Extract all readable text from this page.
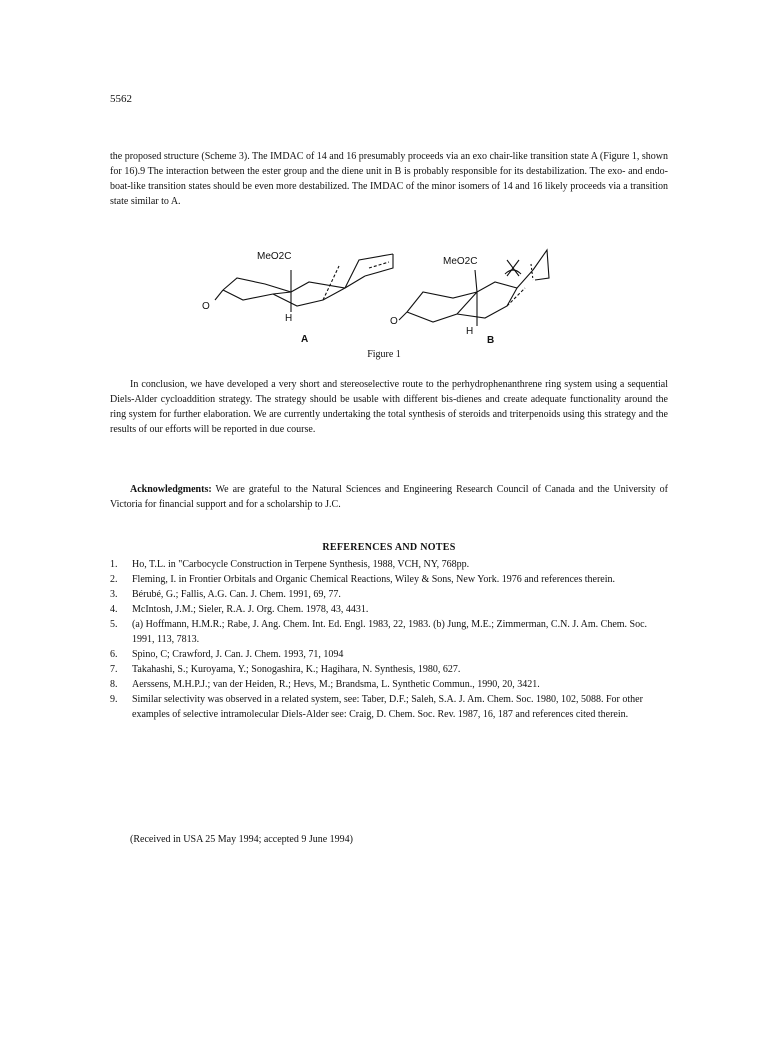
5562

the proposed structure (Scheme 3). The IMDAC of 14 and 16 presumably proceeds via an exo chair-like transition state A (Figure 1, shown for 16).9 The interaction between the ester group and the diene unit in B is probably responsible for its destabilization. The exo- and endo-boat-like transition states should be even more destabilized. The IMDAC of the minor isomers of 14 and 16 likely proceeds via a transition state similar to A.

MeO2C
O
H
A
MeO2C
O
H
B
Figure 1

In conclusion, we have developed a very short and stereoselective route to the perhydrophenanthrene ring system using a sequential Diels-Alder cycloaddition strategy. The strategy should be usable with different bis-dienes and create adequate functionality around the ring system for further elaboration. We are currently undertaking the total synthesis of steroids and triterpenoids using this strategy and the results of our efforts will be reported in due course.

Acknowledgments: We are grateful to the Natural Sciences and Engineering Research Council of Canada and the University of Victoria for financial support and for a scholarship to J.C.

REFERENCES AND NOTES
1.	Ho, T.L. in "Carbocycle Construction in Terpene Synthesis, 1988, VCH, NY, 768pp.
2.	Fleming, I. in Frontier Orbitals and Organic Chemical Reactions, Wiley & Sons, New York. 1976 and references therein.
3.	Bérubé, G.; Fallis, A.G. Can. J. Chem. 1991, 69, 77.
4.	McIntosh, J.M.; Sieler, R.A. J. Org. Chem. 1978, 43, 4431.
5.	(a) Hoffmann, H.M.R.; Rabe, J. Ang. Chem. Int. Ed. Engl. 1983, 22, 1983. (b) Jung, M.E.; Zimmerman, C.N. J. Am. Chem. Soc. 1991, 113, 7813.
6.	Spino, C; Crawford, J. Can. J. Chem. 1993, 71, 1094
7.	Takahashi, S.; Kuroyama, Y.; Sonogashira, K.; Hagihara, N. Synthesis, 1980, 627.
8.	Aerssens, M.H.P.J.; van der Heiden, R.; Hevs, M.; Brandsma, L. Synthetic Commun., 1990, 20, 3421.
9.	Similar selectivity was observed in a related system, see: Taber, D.F.; Saleh, S.A. J. Am. Chem. Soc. 1980, 102, 5088. For other examples of selective intramolecular Diels-Alder see: Craig, D. Chem. Soc. Rev. 1987, 16, 187 and references cited therein.
(Received in USA 25 May 1994; accepted 9 June 1994)
